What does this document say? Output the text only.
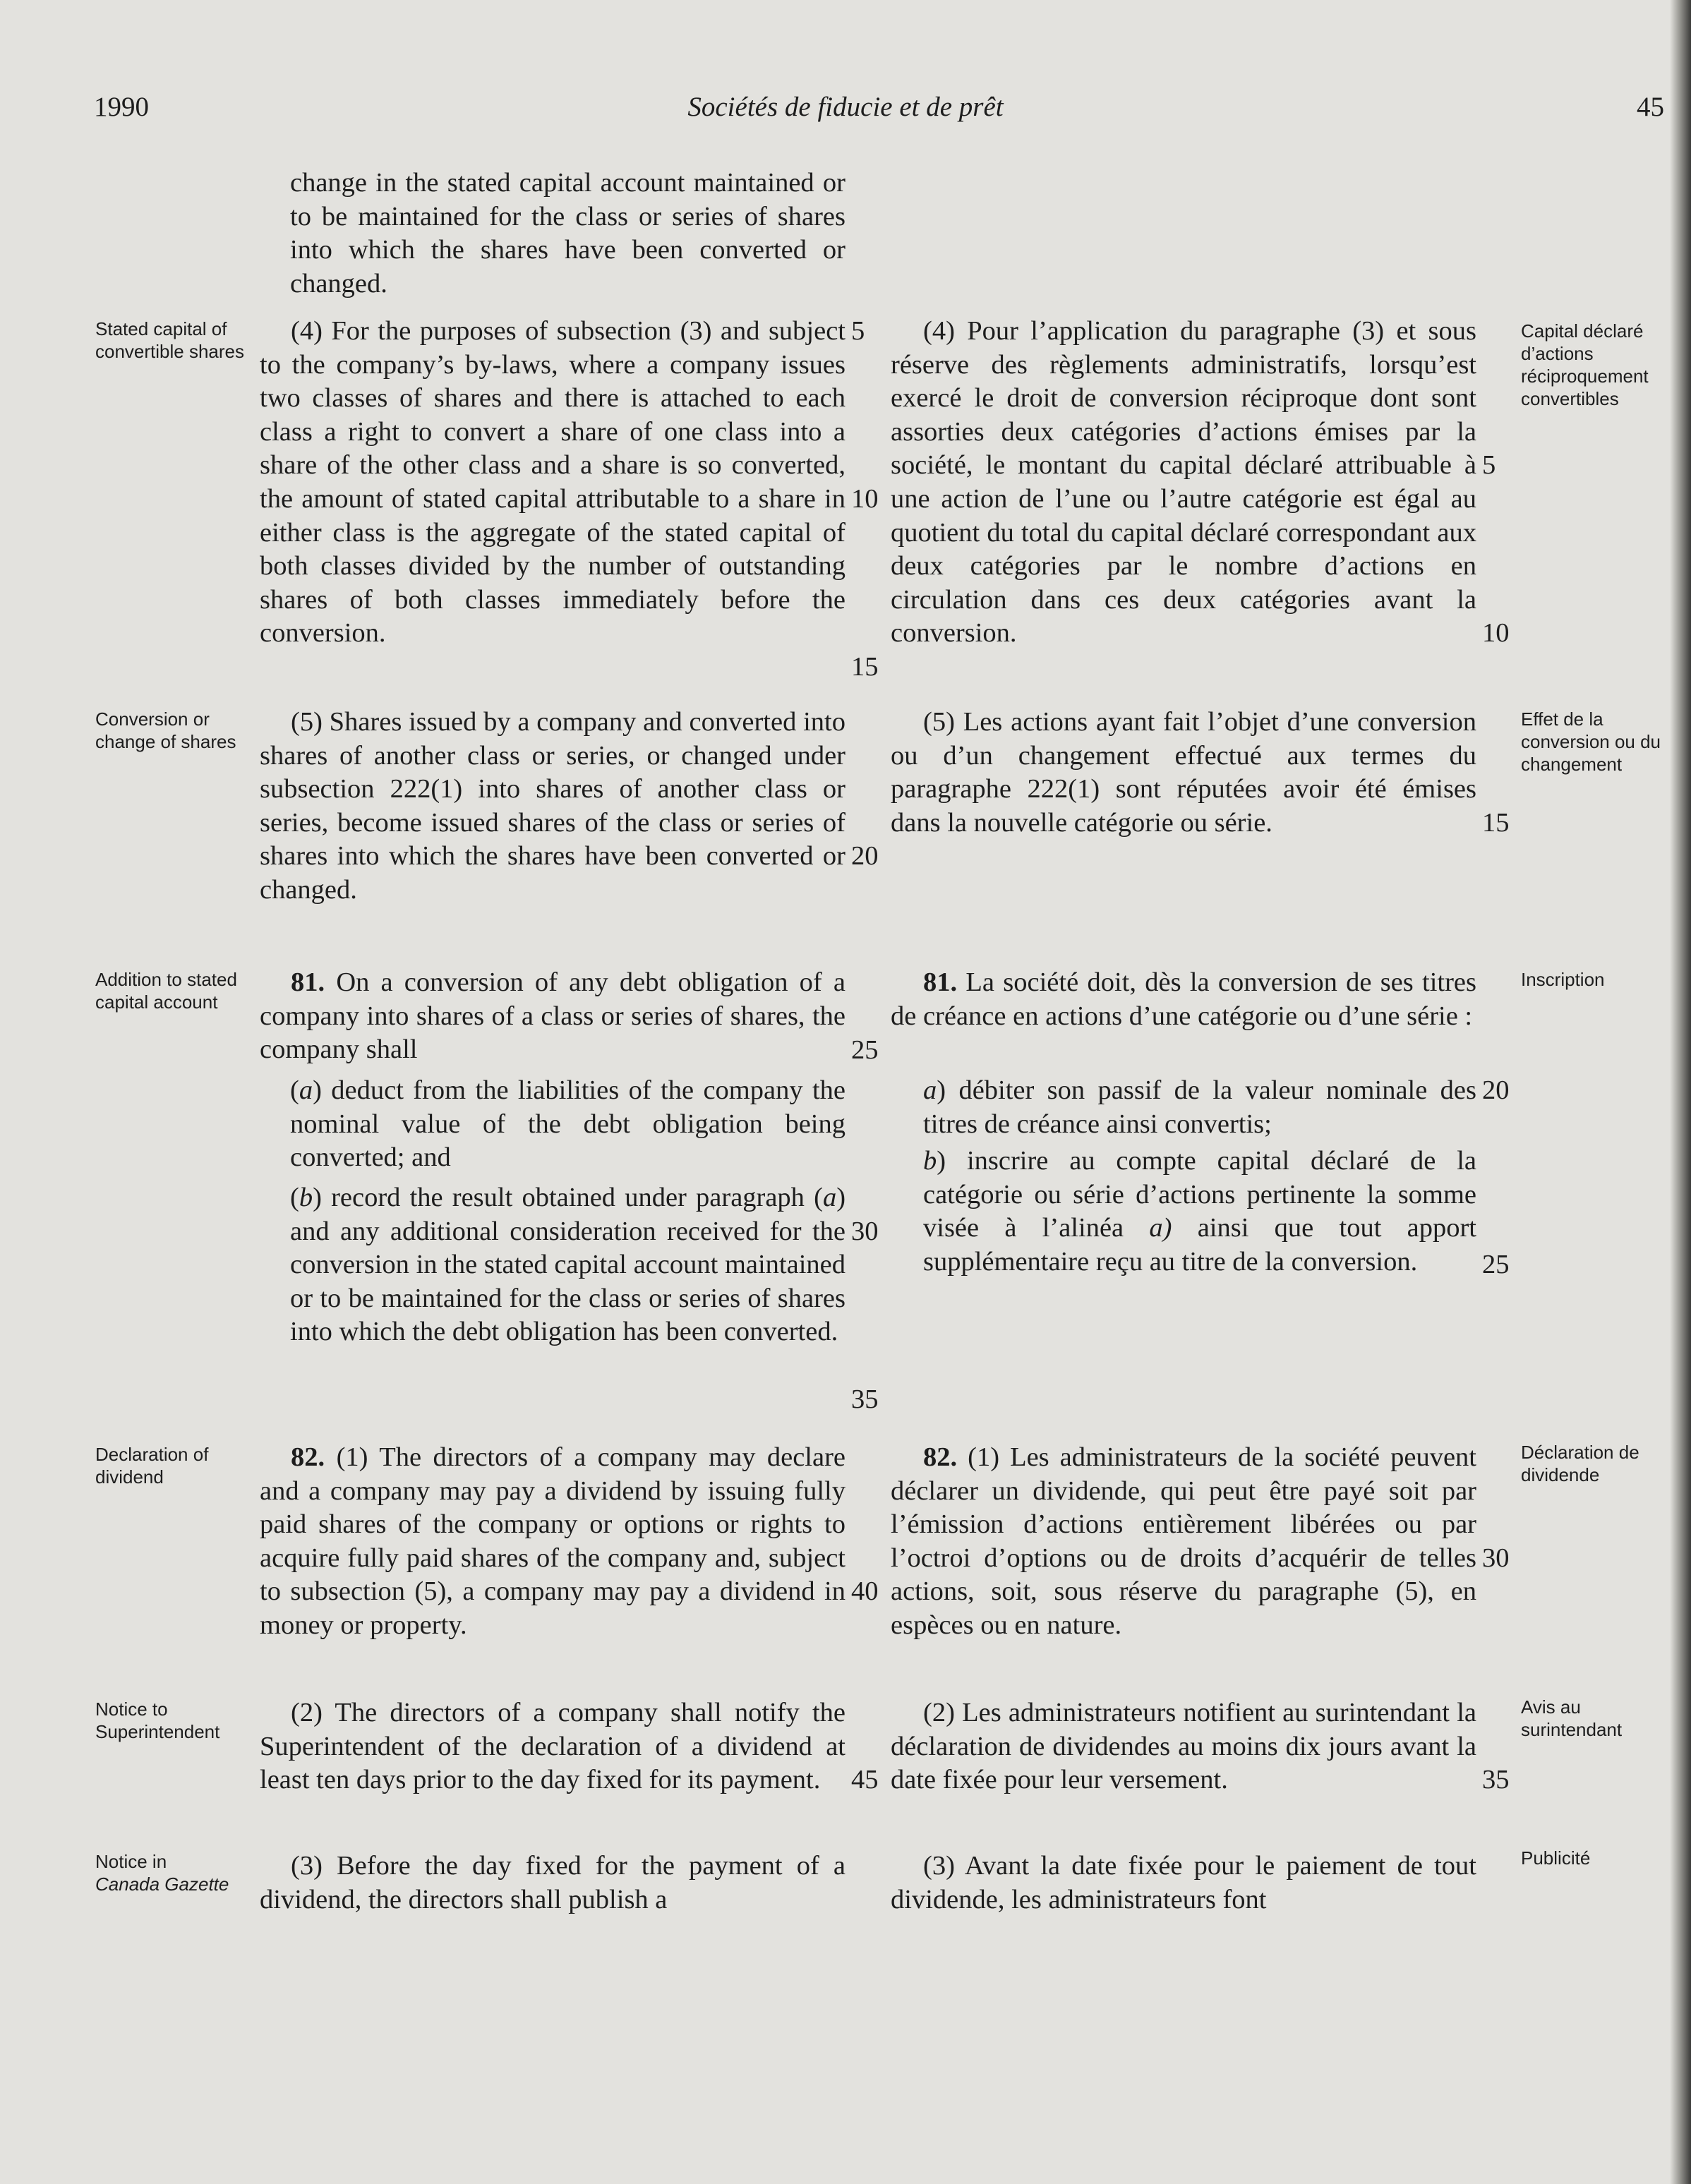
1990	Sociétés de fiducie et de prêt	45
Stated capital of convertible shares
Conversion or change of shares
Addition to stated capital account
Declaration of dividend
Notice to Superintendent
Notice in
Canada Gazette
Capital déclaré d’actions réciproquement convertibles
Effet de la conversion ou du changement
Inscription
Déclaration de dividende
Avis au surintendant
Publicité

change in the stated capital account maintained or to be maintained for the class or series of shares into which the shares have been converted or changed.

(4) For the purposes of subsection (3) and subject to the company’s by-laws, where a company issues two classes of shares and there is attached to each class a right to convert a share of one class into a share of the other class and a share is so converted, the amount of stated capital attributable to a share in either class is the aggregate of the stated capital of both classes divided by the number of outstanding shares of both classes immediately before the conversion.

(5) Shares issued by a company and converted into shares of another class or series, or changed under subsection 222(1) into shares of another class or series, become issued shares of the class or series of shares into which the shares have been converted or changed.

81. On a conversion of any debt obligation of a company into shares of a class or series of shares, the company shall

(a) deduct from the liabilities of the company the nominal value of the debt obligation being converted; and

(b) record the result obtained under paragraph (a) and any additional consideration received for the conversion in the stated capital account maintained or to be maintained for the class or series of shares into which the debt obligation has been converted.

82. (1) The directors of a company may declare and a company may pay a dividend by issuing fully paid shares of the company or options or rights to acquire fully paid shares of the company and, subject to subsection (5), a company may pay a dividend in money or property.

(2) The directors of a company shall notify the Superintendent of the declaration of a dividend at least ten days prior to the day fixed for its payment.

(3) Before the day fixed for the payment of a dividend, the directors shall publish a

(4) Pour l’application du paragraphe (3) et sous réserve des règlements administratifs, lorsqu’est exercé le droit de conversion réciproque dont sont assorties deux catégories d’actions émises par la société, le montant du capital déclaré attribuable à une action de l’une ou l’autre catégorie est égal au quotient du total du capital déclaré correspondant aux deux catégories par le nombre d’actions en circulation dans ces deux catégories avant la conversion.

(5) Les actions ayant fait l’objet d’une conversion ou d’un changement effectué aux termes du paragraphe 222(1) sont réputées avoir été émises dans la nouvelle catégorie ou série.

81. La société doit, dès la conversion de ses titres de créance en actions d’une catégorie ou d’une série :

a) débiter son passif de la valeur nominale des titres de créance ainsi convertis;

b) inscrire au compte capital déclaré de la catégorie ou série d’actions pertinente la somme visée à l’alinéa a) ainsi que tout apport supplémentaire reçu au titre de la conversion.

82. (1) Les administrateurs de la société peuvent déclarer un dividende, qui peut être payé soit par l’émission d’actions entièrement libérées ou par l’octroi d’options ou de droits d’acquérir de telles actions, soit, sous réserve du paragraphe (5), en espèces ou en nature.

(2) Les administrateurs notifient au surintendant la déclaration de dividendes au moins dix jours avant la date fixée pour leur versement.

(3) Avant la date fixée pour le paiement de tout dividende, les administrateurs font

5
10
15
20
25
30
35
40
45
5
10
15
20
25
30
35
